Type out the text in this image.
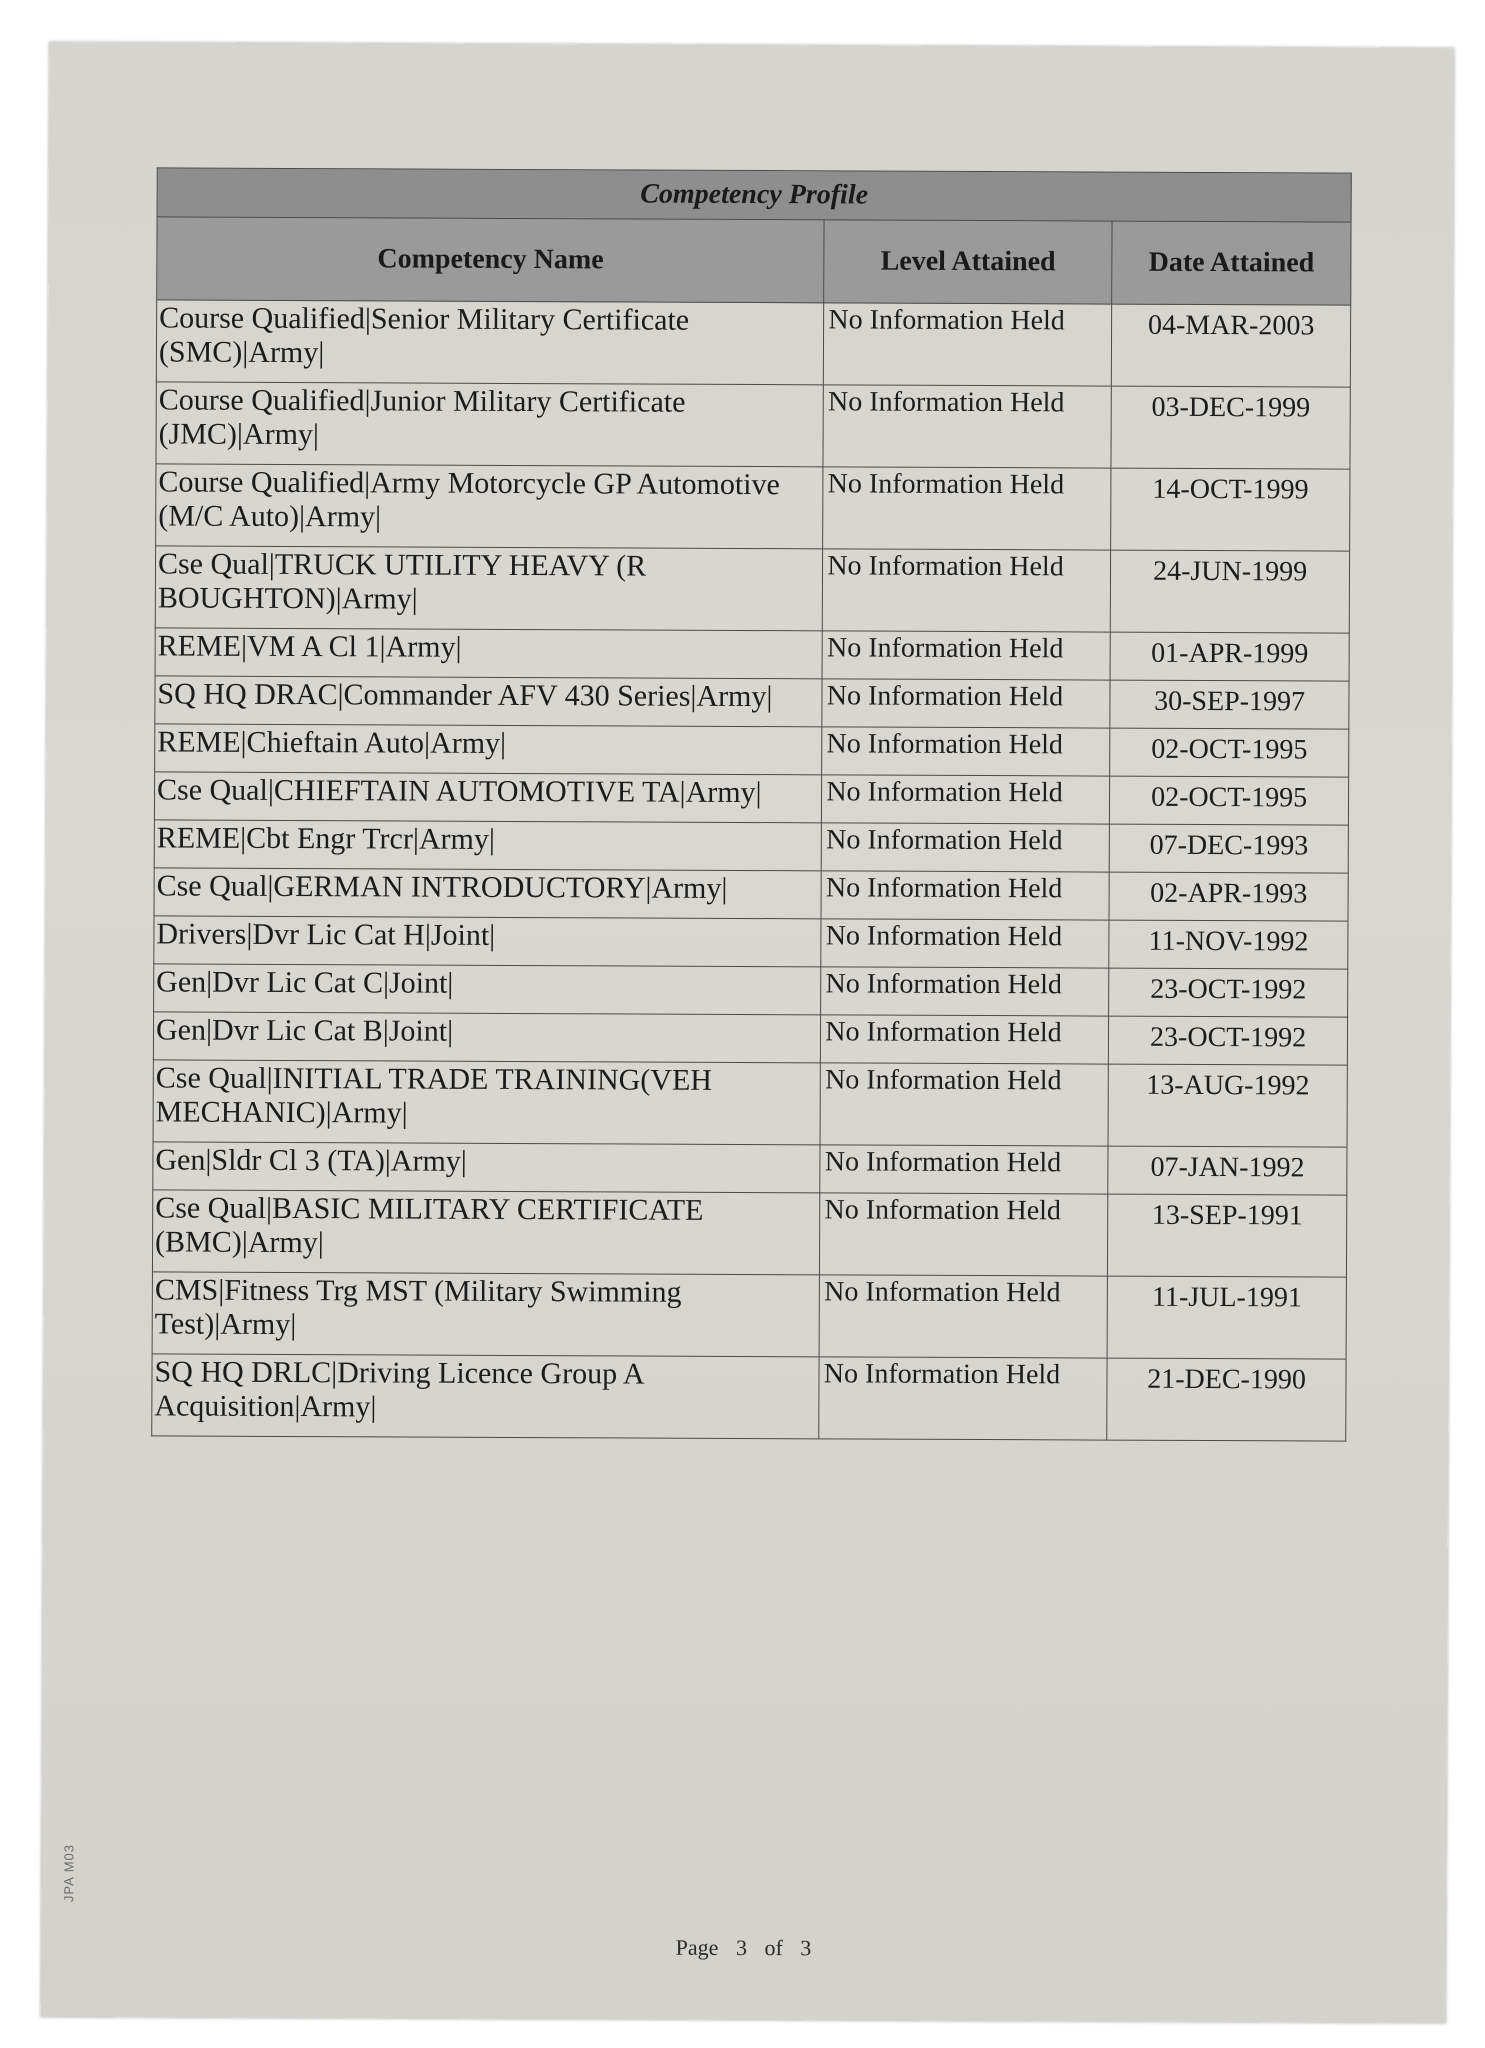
Competency Profile		
Competency Name	Level Attained	Date Attained
Course Qualified|Senior Military Certificate (SMC)|Army|	No Information Held	04-MAR-2003
Course Qualified|Junior Military Certificate (JMC)|Army|	No Information Held	03-DEC-1999
Course Qualified|Army Motorcycle GP Automotive (M/C Auto)|Army|	No Information Held	14-OCT-1999
Cse Qual|TRUCK UTILITY HEAVY (R BOUGHTON)|Army|	No Information Held	24-JUN-1999
REME|VM A Cl 1|Army|	No Information Held	01-APR-1999
SQ HQ DRAC|Commander AFV 430 Series|Army|	No Information Held	30-SEP-1997
REME|Chieftain Auto|Army|	No Information Held	02-OCT-1995
Cse Qual|CHIEFTAIN AUTOMOTIVE TA|Army|	No Information Held	02-OCT-1995
REME|Cbt Engr Trcr|Army|	No Information Held	07-DEC-1993
Cse Qual|GERMAN INTRODUCTORY|Army|	No Information Held	02-APR-1993
Drivers|Dvr Lic Cat H|Joint|	No Information Held	11-NOV-1992
Gen|Dvr Lic Cat C|Joint|	No Information Held	23-OCT-1992
Gen|Dvr Lic Cat B|Joint|	No Information Held	23-OCT-1992
Cse Qual|INITIAL TRADE TRAINING(VEH MECHANIC)|Army|	No Information Held	13-AUG-1992
Gen|Sldr Cl 3 (TA)|Army|	No Information Held	07-JAN-1992
Cse Qual|BASIC MILITARY CERTIFICATE (BMC)|Army|	No Information Held	13-SEP-1991
CMS|Fitness Trg MST (Military Swimming Test)|Army|	No Information Held	11-JUL-1991
SQ HQ DRLC|Driving Licence Group A Acquisition|Army|	No Information Held	21-DEC-1990
JPA M03
Page 3 of 3
